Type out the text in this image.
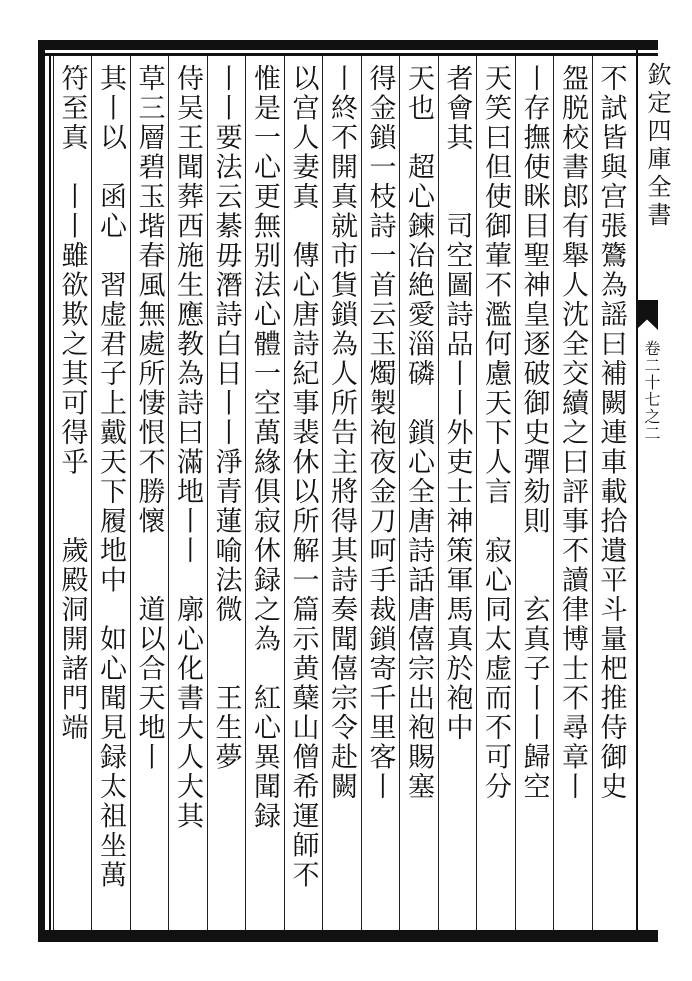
欽定四庫全書
卷二十七之二
不試皆與宫張鷟為謡曰補闕連車載拾遺平斗量杷推侍御史
盌脱校書郎有舉人沈全交續之曰評事不讀律博士不尋章丨
丨存撫使眯目聖神皇逐破御史彈劾則　　玄真子丨丨歸空
天笑曰但使御葷不濫何慮天下人言　寂心同太虚而不可分
者會其　　司空圖詩品丨丨外吏士神策軍馬真於袍中
天也　超心鍊冶絶愛淄磷　鎖心全唐詩話唐僖宗出袍賜塞
得金鎖一枝詩一首云玉燭製袍夜金刀呵手裁鎖寄千里客丨
丨終不開真就市貨鎖為人所告主將得其詩奏聞僖宗令赴闕
以宫人妻真　傳心唐詩紀事裴休以所解一篇示黄蘖山僧希運師不
惟是一心更無别法心體一空萬緣俱寂休録之為　紅心異聞録
丨丨要法云綦毋潛詩白日丨丨淨青蓮喻法微　　王生夢
侍吴王聞葬西施生應教為詩曰滿地丨丨　廓心化書大人大其
草三層碧玉堦春風無處所悽恨不勝懷　　道以合天地丨
其丨以　函心　習虚君子上戴天下履地中　如心聞見録太祖坐萬
符至真　丨丨雖欲欺之其可得乎　　歲殿洞開諸門端
